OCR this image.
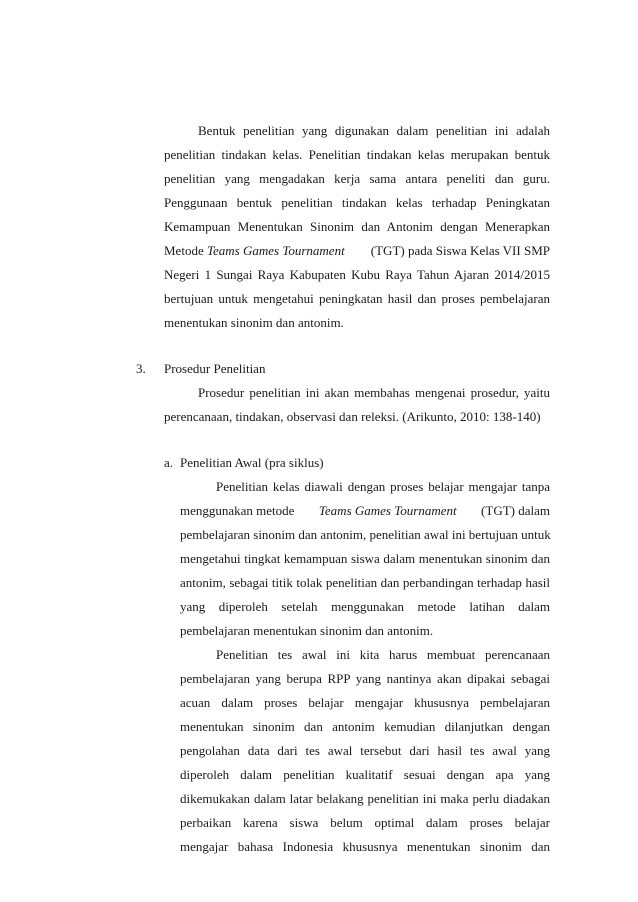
Bentuk penelitian yang digunakan dalam penelitian ini adalah
penelitian tindakan kelas. Penelitian tindakan kelas merupakan bentuk
penelitian yang mengadakan kerja sama antara peneliti dan guru.
Penggunaan bentuk penelitian tindakan kelas terhadap Peningkatan
Kemampuan Menentukan Sinonim dan Antonim dengan Menerapkan
Metode Teams Games Tournament (TGT) pada Siswa Kelas VII SMP
Negeri 1 Sungai Raya Kabupaten Kubu Raya Tahun Ajaran 2014/2015
bertujuan untuk mengetahui peningkatan hasil dan proses pembelajaran
menentukan sinonim dan antonim.
3. Prosedur Penelitian
Prosedur penelitian ini akan membahas mengenai prosedur, yaitu
perencanaan, tindakan, observasi dan releksi. (Arikunto, 2010: 138-140)
a. Penelitian Awal (pra siklus)
Penelitian kelas diawali dengan proses belajar mengajar tanpa
menggunakan metode Teams Games Tournament (TGT) dalam
pembelajaran sinonim dan antonim, penelitian awal ini bertujuan untuk
mengetahui tingkat kemampuan siswa dalam menentukan sinonim dan
antonim, sebagai titik tolak penelitian dan perbandingan terhadap hasil
yang diperoleh setelah menggunakan metode latihan dalam
pembelajaran menentukan sinonim dan antonim.
Penelitian tes awal ini kita harus membuat perencanaan
pembelajaran yang berupa RPP yang nantinya akan dipakai sebagai
acuan dalam proses belajar mengajar khususnya pembelajaran
menentukan sinonim dan antonim kemudian dilanjutkan dengan
pengolahan data dari tes awal tersebut dari hasil tes awal yang
diperoleh dalam penelitian kualitatif sesuai dengan apa yang
dikemukakan dalam latar belakang penelitian ini maka perlu diadakan
perbaikan karena siswa belum optimal dalam proses belajar
mengajar bahasa Indonesia khususnya menentukan sinonim dan
